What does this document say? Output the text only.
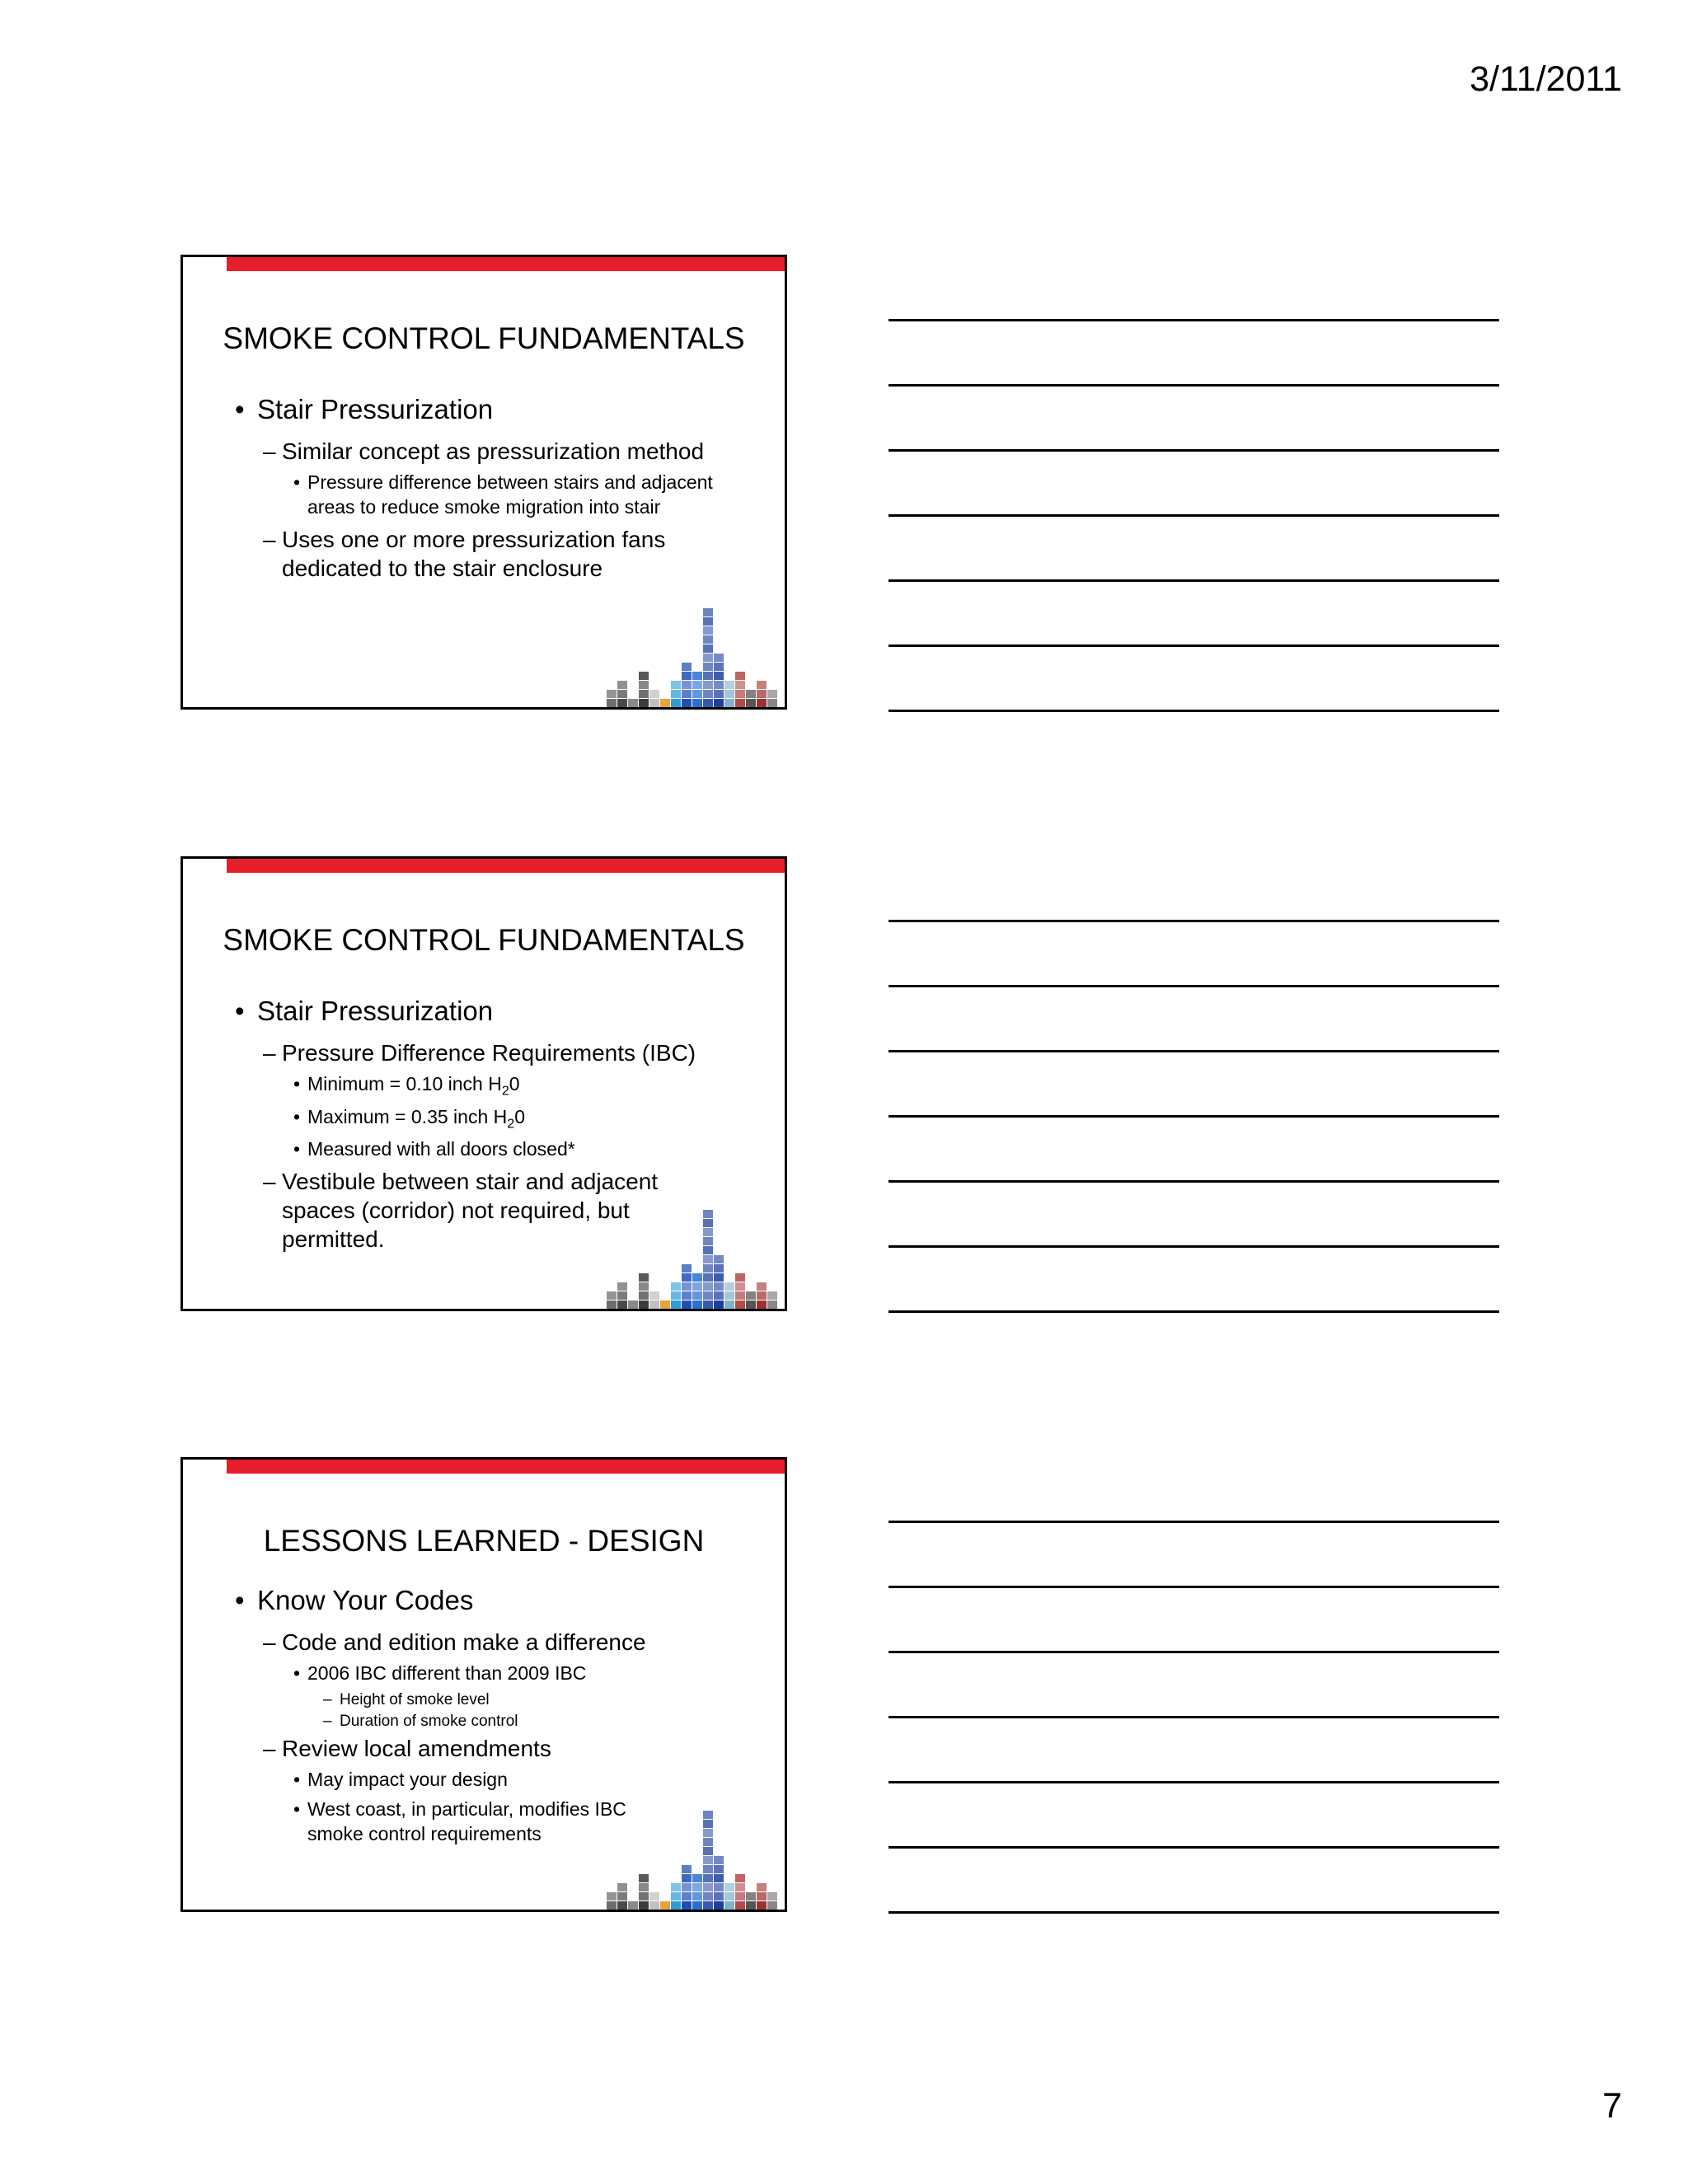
3/11/2011
SMOKE CONTROL FUNDAMENTALS
• Stair Pressurization
– Similar concept as pressurization method
• Pressure difference between stairs and adjacent areas to reduce smoke migration into stair
– Uses one or more pressurization fans dedicated to the stair enclosure
SMOKE CONTROL FUNDAMENTALS
• Stair Pressurization
– Pressure Difference Requirements (IBC)
• Minimum = 0.10 inch $H_20$
• Maximum = 0.35 inch $H_20$
• Measured with all doors closed*
– Vestibule between stair and adjacent spaces (corridor) not required, but permitted.
LESSONS LEARNED - DESIGN
• Know Your Codes
– Code and edition make a difference
• 2006 IBC different than 2009 IBC
– Height of smoke level
– Duration of smoke control
– Review local amendments
• May impact your design
• West coast, in particular, modifies IBC smoke control requirements
7
